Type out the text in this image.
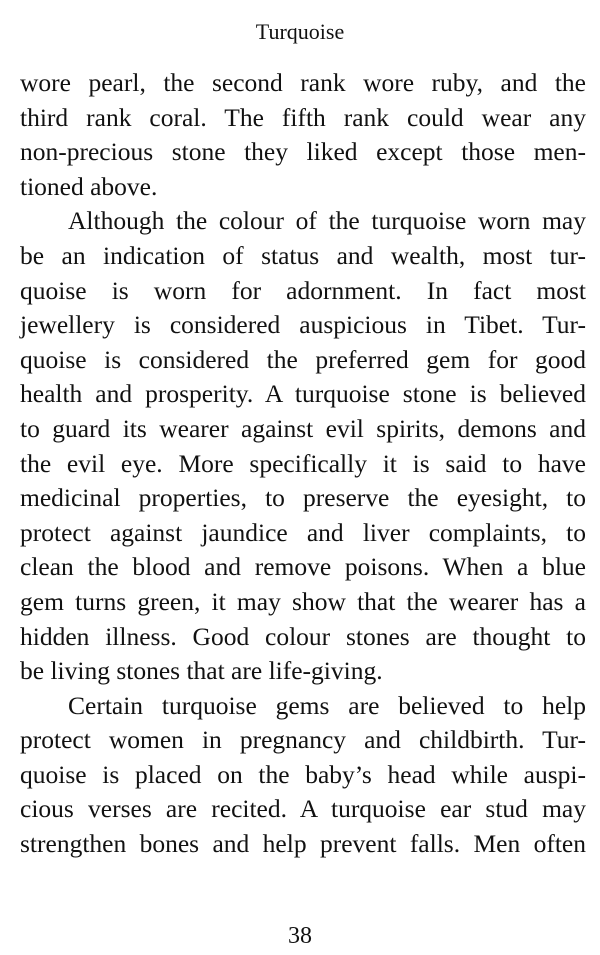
Turquoise

wore pearl, the second rank wore ruby, and the
third rank coral. The fifth rank could wear any
non-precious stone they liked except those men-
tioned above.

Although the colour of the turquoise worn may
be an indication of status and wealth, most tur-
quoise is worn for adornment. In fact most
jewellery is considered auspicious in Tibet. Tur-
quoise is considered the preferred gem for good
health and prosperity. A turquoise stone is believed
to guard its wearer against evil spirits, demons and
the evil eye. More specifically it is said to have
medicinal properties, to preserve the eyesight, to
protect against jaundice and liver complaints, to
clean the blood and remove poisons. When a blue
gem turns green, it may show that the wearer has a
hidden illness. Good colour stones are thought to
be living stones that are life-giving.

Certain turquoise gems are believed to help
protect women in pregnancy and childbirth. Tur-
quoise is placed on the baby’s head while auspi-
cious verses are recited. A turquoise ear stud may
strengthen bones and help prevent falls. Men often

38
